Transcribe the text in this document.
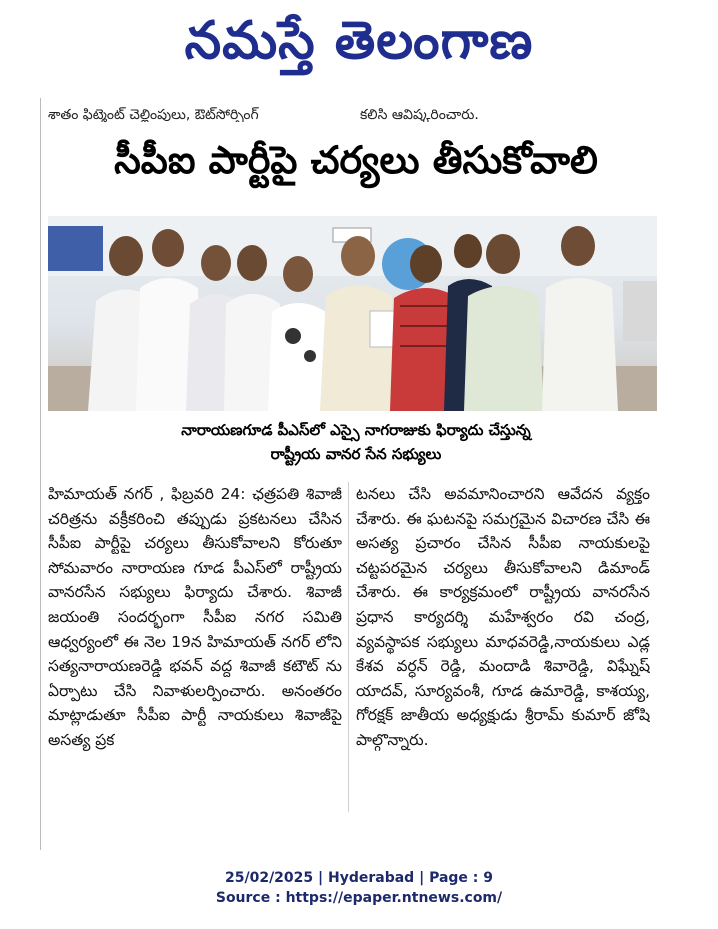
నమస్తే తెలంగాణ
శాతం ఫిట్మెంట్ చెల్లింపులు, ఔట్‌సోర్సింగ్	కలిసి ఆవిష్కరించారు.
సీపీఐ పార్టీపై చర్యలు తీసుకోవాలి
నారాయణగూడ పీఎస్‌లో ఎస్సై నాగరాజుకు ఫిర్యాదు చేస్తున్న
రాష్ట్రీయ వానర సేన సభ్యులు
హిమాయత్ నగర్ , ఫిబ్రవరి 24: ఛత్రపతి శివాజీ చరిత్రను వక్రీకరించి తప్పుడు ప్రకటనలు చేసిన సీపీఐ పార్టీపై చర్యలు తీసుకోవాలని కోరుతూ సోమవారం నారాయణ గూడ పీఎస్‌లో రాష్ట్రీయ వానరసేన సభ్యులు ఫిర్యాదు చేశారు. శివాజీ జయంతి సందర్భంగా సీపీఐ నగర సమితి ఆధ్వర్యంలో ఈ నెల 19న హిమాయత్ నగర్ లోని సత్యనారాయణరెడ్డి భవన్ వద్ద శివాజీ కటౌట్ ను ఏర్పాటు చేసి నివాళులర్పించారు. అనంతరం మాట్లాడుతూ సీపీఐ పార్టీ నాయకులు శివాజీపై అసత్య ప్రక
టనలు చేసి అవమానించారని ఆవేదన వ్యక్తం చేశారు. ఈ ఘటనపై సమగ్రమైన విచారణ చేసి ఈ అసత్య ప్రచారం చేసిన సీపీఐ నాయకులపై చట్టపరమైన చర్యలు తీసుకోవాలని డిమాండ్ చేశారు. ఈ కార్యక్రమంలో రాష్ట్రీయ వానరసేన ప్రధాన కార్యదర్శి మహేశ్వరం రవి చంద్ర, వ్యవస్థాపక సభ్యులు మాధవరెడ్డి,నాయకులు ఎడ్ల కేశవ వర్ధన్ రెడ్డి, మందాడి శివారెడ్డి, విఘ్నేష్ యాదవ్, సూర్యవంశీ, గూడ ఉమారెడ్డి, కాశయ్య, గోరక్షక్ జాతీయ అధ్యక్షుడు శ్రీరామ్ కుమార్ జోషి పాల్గొన్నారు.
25/02/2025 | Hyderabad | Page : 9
Source : https://epaper.ntnews.com/
